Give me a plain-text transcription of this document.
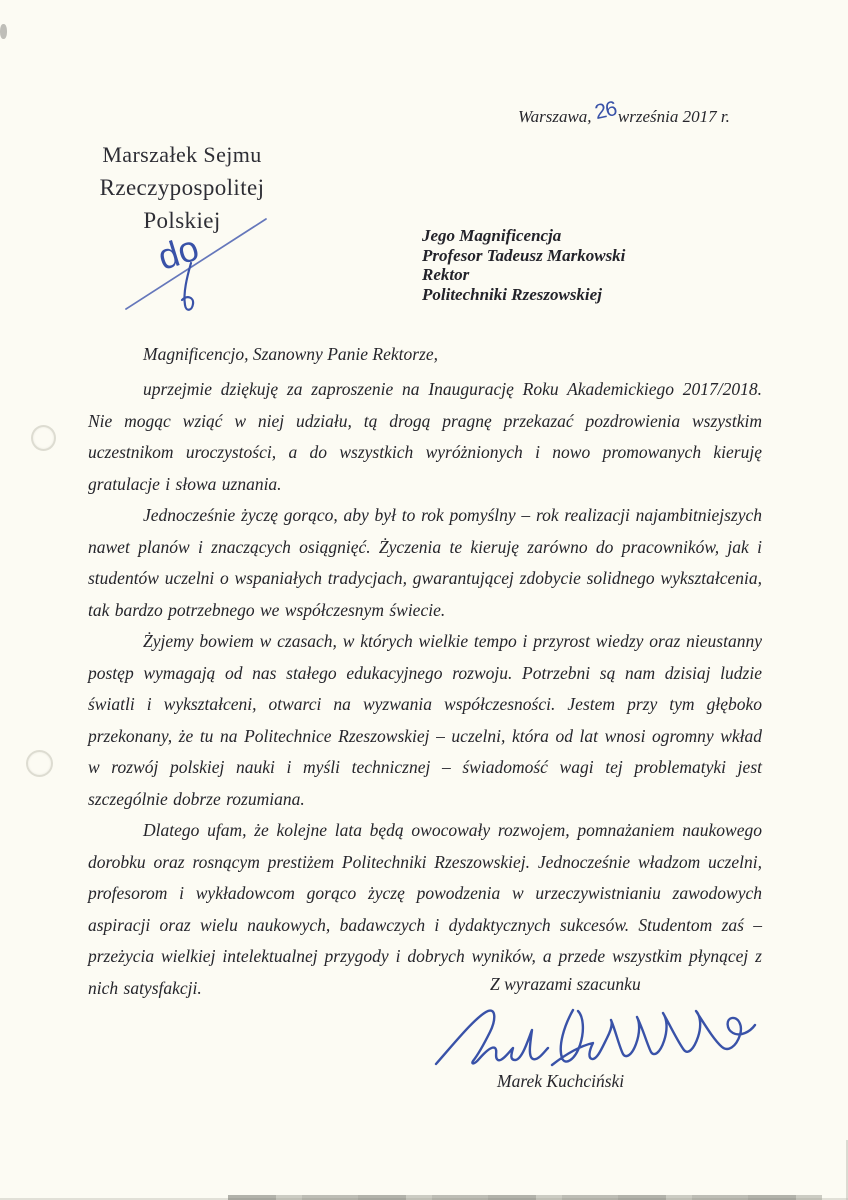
Warszawa,26września 2017 r.
Marszałek Sejmu
Rzeczypospolitej Polskiej
do	Jego Magnificencja
Profesor Tadeusz Markowski
Rektor
Politechniki Rzeszowskiej
Magnificencjo, Szanowny Panie Rektorze,

uprzejmie dziękuję za zaproszenie na Inaugurację Roku Akademickiego 2017/2018. Nie mogąc wziąć w niej udziału, tą drogą pragnę przekazać pozdrowienia wszystkim uczestnikom uroczystości, a do wszystkich wyróżnionych i nowo promowanych kieruję gratulacje i słowa uznania.

Jednocześnie życzę gorąco, aby był to rok pomyślny – rok realizacji najambitniejszych nawet planów i znaczących osiągnięć. Życzenia te kieruję zarówno do pracowników, jak i studentów uczelni o wspaniałych tradycjach, gwarantującej zdobycie solidnego wykształcenia, tak bardzo potrzebnego we współczesnym świecie.

Żyjemy bowiem w czasach, w których wielkie tempo i przyrost wiedzy oraz nieustanny postęp wymagają od nas stałego edukacyjnego rozwoju. Potrzebni są nam dzisiaj ludzie światli i wykształceni, otwarci na wyzwania współczesności. Jestem przy tym głęboko przekonany, że tu na Politechnice Rzeszowskiej – uczelni, która od lat wnosi ogromny wkład w rozwój polskiej nauki i myśli technicznej – świadomość wagi tej problematyki jest szczególnie dobrze rozumiana.

Dlatego ufam, że kolejne lata będą owocowały rozwojem, pomnażaniem naukowego dorobku oraz rosnącym prestiżem Politechniki Rzeszowskiej. Jednocześnie władzom uczelni, profesorom i wykładowcom gorąco życzę powodzenia w urzeczywistnianiu zawodowych aspiracji oraz wielu naukowych, badawczych i dydaktycznych sukcesów. Studentom zaś – przeżycia wielkiej intelektualnej przygody i dobrych wyników, a przede wszystkim płynącej z nich satysfakcji.	Z wyrazami szacunku
Marek Kuchciński
